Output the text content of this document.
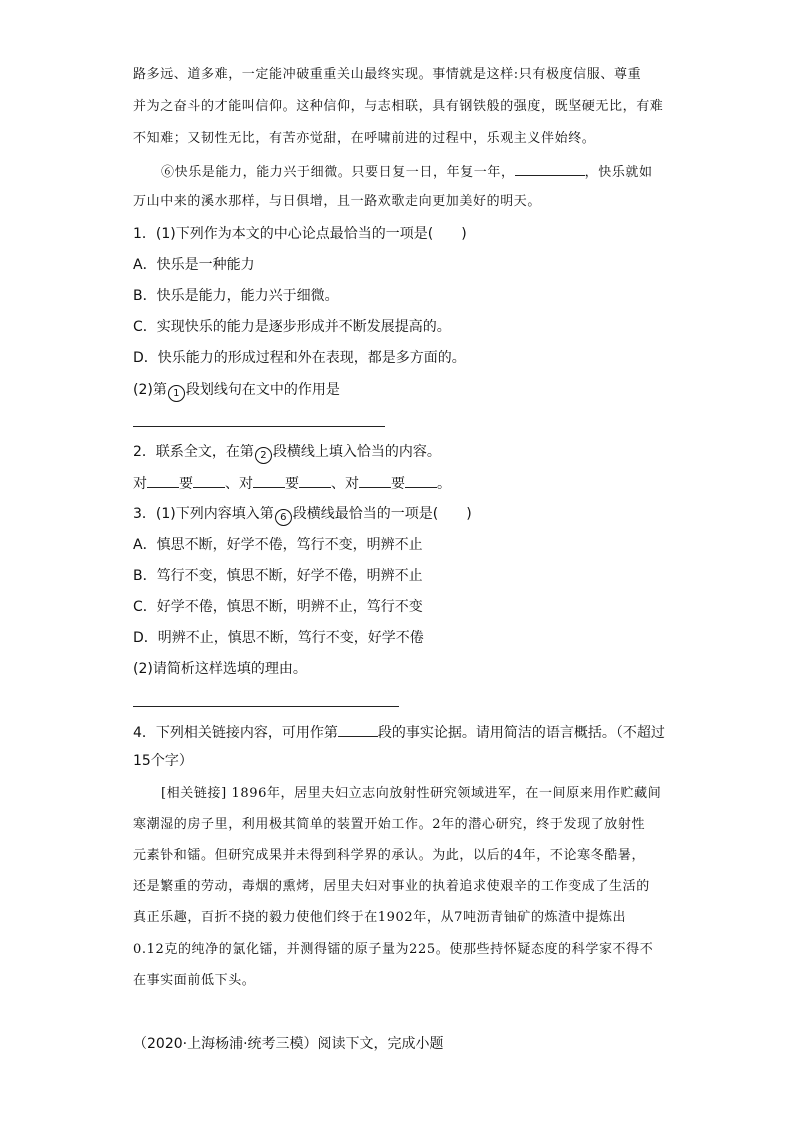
路多远、道多难，一定能冲破重重关山最终实现。事情就是这样:只有极度信服、尊重
并为之奋斗的才能叫信仰。这种信仰，与志相联，具有钢铁般的强度，既坚硬无比，有难
不知难；又韧性无比，有苦亦觉甜，在呼啸前进的过程中，乐观主义伴始终。
⑥快乐是能力，能力兴于细微。只要日复一日，年复一年，	，快乐就如
万山中来的溪水那样，与日俱增，且一路欢歌走向更加美好的明天。
1．(1)下列作为本文的中心论点最恰当的一项是(　　)
A．快乐是一种能力
B．快乐是能力，能力兴于细微。
C．实现快乐的能力是逐步形成并不断发展提高的。
D．快乐能力的形成过程和外在表现，都是多方面的。
(2)第 1 段划线句在文中的作用是
2．联系全文，在第 2 段横线上填入恰当的内容。
对 要 、对 要 、对 要 。
3．(1)下列内容填入第 6 段横线最恰当的一项是(　　)
A．慎思不断，好学不倦，笃行不变，明辨不止
B．笃行不变，慎思不断，好学不倦，明辨不止
C．好学不倦，慎思不断，明辨不止，笃行不变
D．明辨不止，慎思不断，笃行不变，好学不倦
(2)请简析这样选填的理由。
4．下列相关链接内容，可用作第	段的事实论据。请用简洁的语言概括。（不超过
15个字）
[相关链接] 1896年，居里夫妇立志向放射性研究领域进军，在一间原来用作贮藏间
寒潮湿的房子里，利用极其简单的装置开始工作。2年的潜心研究，终于发现了放射性
元素钋和镭。但研究成果并未得到科学界的承认。为此，以后的4年，不论寒冬酷暑，
还是繁重的劳动，毒烟的熏烤，居里夫妇对事业的执着追求使艰辛的工作变成了生活的
真正乐趣，百折不挠的毅力使他们终于在1902年，从7吨沥青铀矿的炼渣中提炼出
0.12克的纯净的氯化镭，并测得镭的原子量为225。使那些持怀疑态度的科学家不得不
在事实面前低下头。
（2020·上海杨浦·统考三模）阅读下文，完成小题
